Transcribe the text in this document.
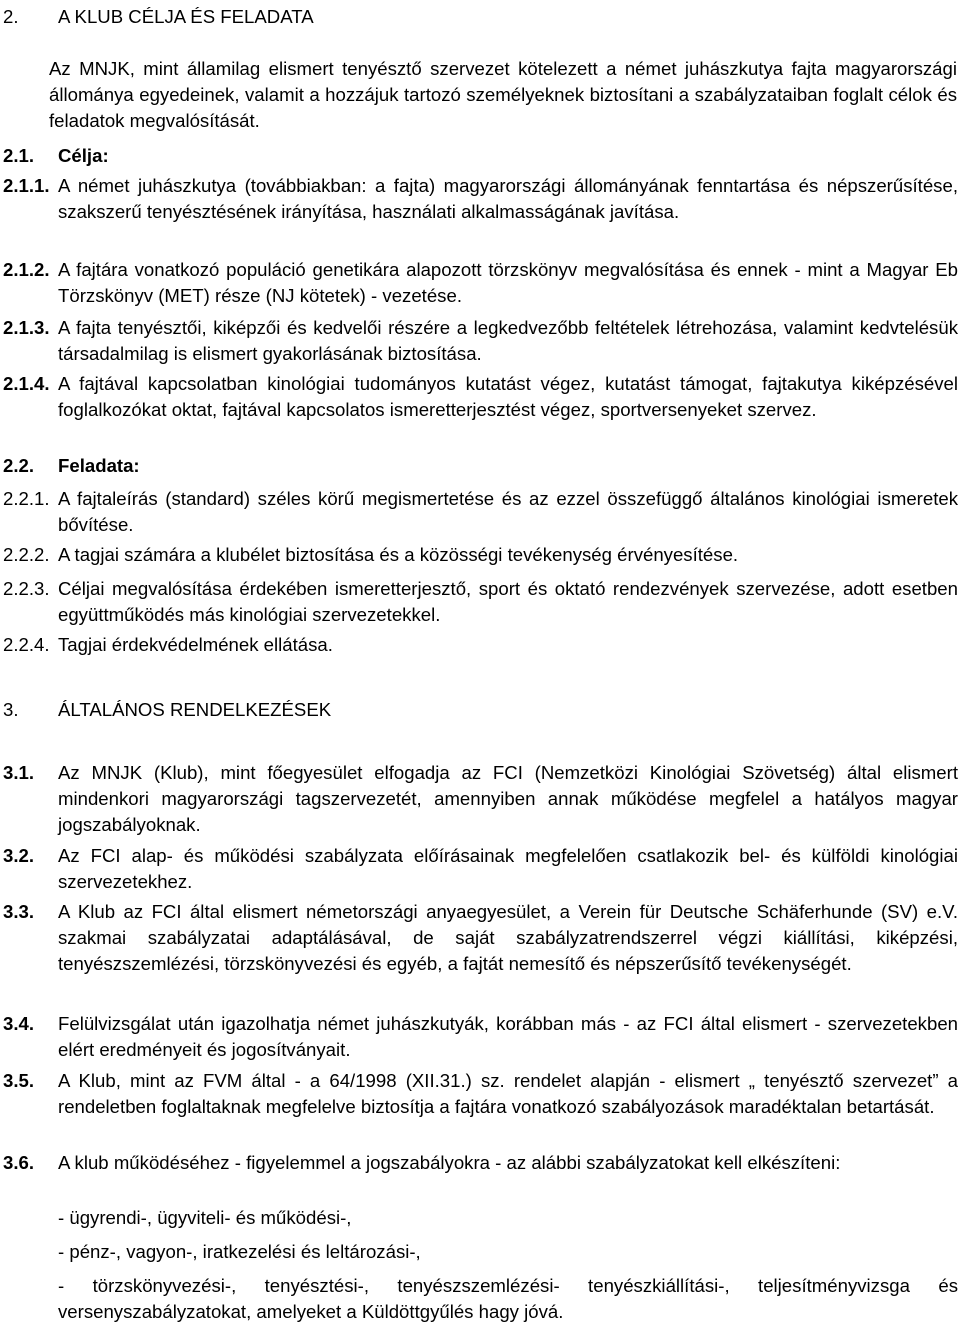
2.	A KLUB CÉLJA ÉS FELADATA
Az MNJK, mint államilag elismert tenyésztő szervezet kötelezett a német juhászkutya fajta magyarországi állománya egyedeinek, valamit a hozzájuk tartozó személyeknek biztosítani a szabályzataiban foglalt célok és feladatok megvalósítását.
2.1. Célja:
2.1.1. A német juhászkutya (továbbiakban: a fajta) magyarországi állományának fenntartása és népszerűsítése, szakszerű tenyésztésének irányítása, használati alkalmasságának javítása.
2.1.2. A fajtára vonatkozó populáció genetikára alapozott törzskönyv megvalósítása és ennek - mint a Magyar Eb Törzskönyv (MET) része (NJ kötetek) - vezetése.
2.1.3. A fajta tenyésztői, kiképzői és kedvelői részére a legkedvezőbb feltételek létrehozása, valamint kedvtelésük társadalmilag is elismert gyakorlásának biztosítása.
2.1.4. A fajtával kapcsolatban kinológiai tudományos kutatást végez, kutatást támogat, fajtakutya kiképzésével foglalkozókat oktat, fajtával kapcsolatos ismeretterjesztést végez, sportversenyeket szervez.
2.2. Feladata:
2.2.1. A fajtaleírás (standard) széles körű megismertetése és az ezzel összefüggő általános kinológiai ismeretek bővítése.
2.2.2. A tagjai számára a klubélet biztosítása és a közösségi tevékenység érvényesítése.
2.2.3. Céljai megvalósítása érdekében ismeretterjesztő, sport és oktató rendezvények szervezése, adott esetben együttműködés más kinológiai szervezetekkel.
2.2.4. Tagjai érdekvédelmének ellátása.
3.	ÁLTALÁNOS RENDELKEZÉSEK
3.1.	Az MNJK (Klub), mint főegyesület elfogadja az FCI (Nemzetközi Kinológiai Szövetség) által elismert mindenkori magyarországi tagszervezetét, amennyiben annak működése megfelel a hatályos magyar jogszabályoknak.
3.2.	Az FCI alap- és működési szabályzata előírásainak megfelelően csatlakozik bel- és külföldi kinológiai szervezetekhez.
3.3.	A Klub az FCI által elismert németországi anyaegyesület, a Verein für Deutsche Schäferhunde (SV) e.V. szakmai szabályzatai adaptálásával, de saját szabályzatrendszerrel végzi kiállítási, kiképzési, tenyészszemlézési, törzskönyvezési és egyéb, a fajtát nemesítő és népszerűsítő tevékenységét.
3.4.	Felülvizsgálat után igazolhatja német juhászkutyák, korábban más - az FCI által elismert - szervezetekben elért eredményeit és jogosítványait.
3.5.	A Klub, mint az FVM által - a 64/1998 (XII.31.) sz. rendelet alapján - elismert „ tenyésztő szervezet” a rendeletben foglaltaknak megfelelve biztosítja a fajtára vonatkozó szabályozások maradéktalan betartását.
3.6.	A klub működéséhez - figyelemmel a jogszabályokra - az alábbi szabályzatokat kell elkészíteni:
- ügyrendi-, ügyviteli- és működési-,
- pénz-, vagyon-, iratkezelési és leltározási-,
- törzskönyvezési-, tenyésztési-, tenyészszemlézési- tenyészkiállítási-, teljesítményvizsga és versenyszabályzatokat, amelyeket a Küldöttgyűlés hagy jóvá.
